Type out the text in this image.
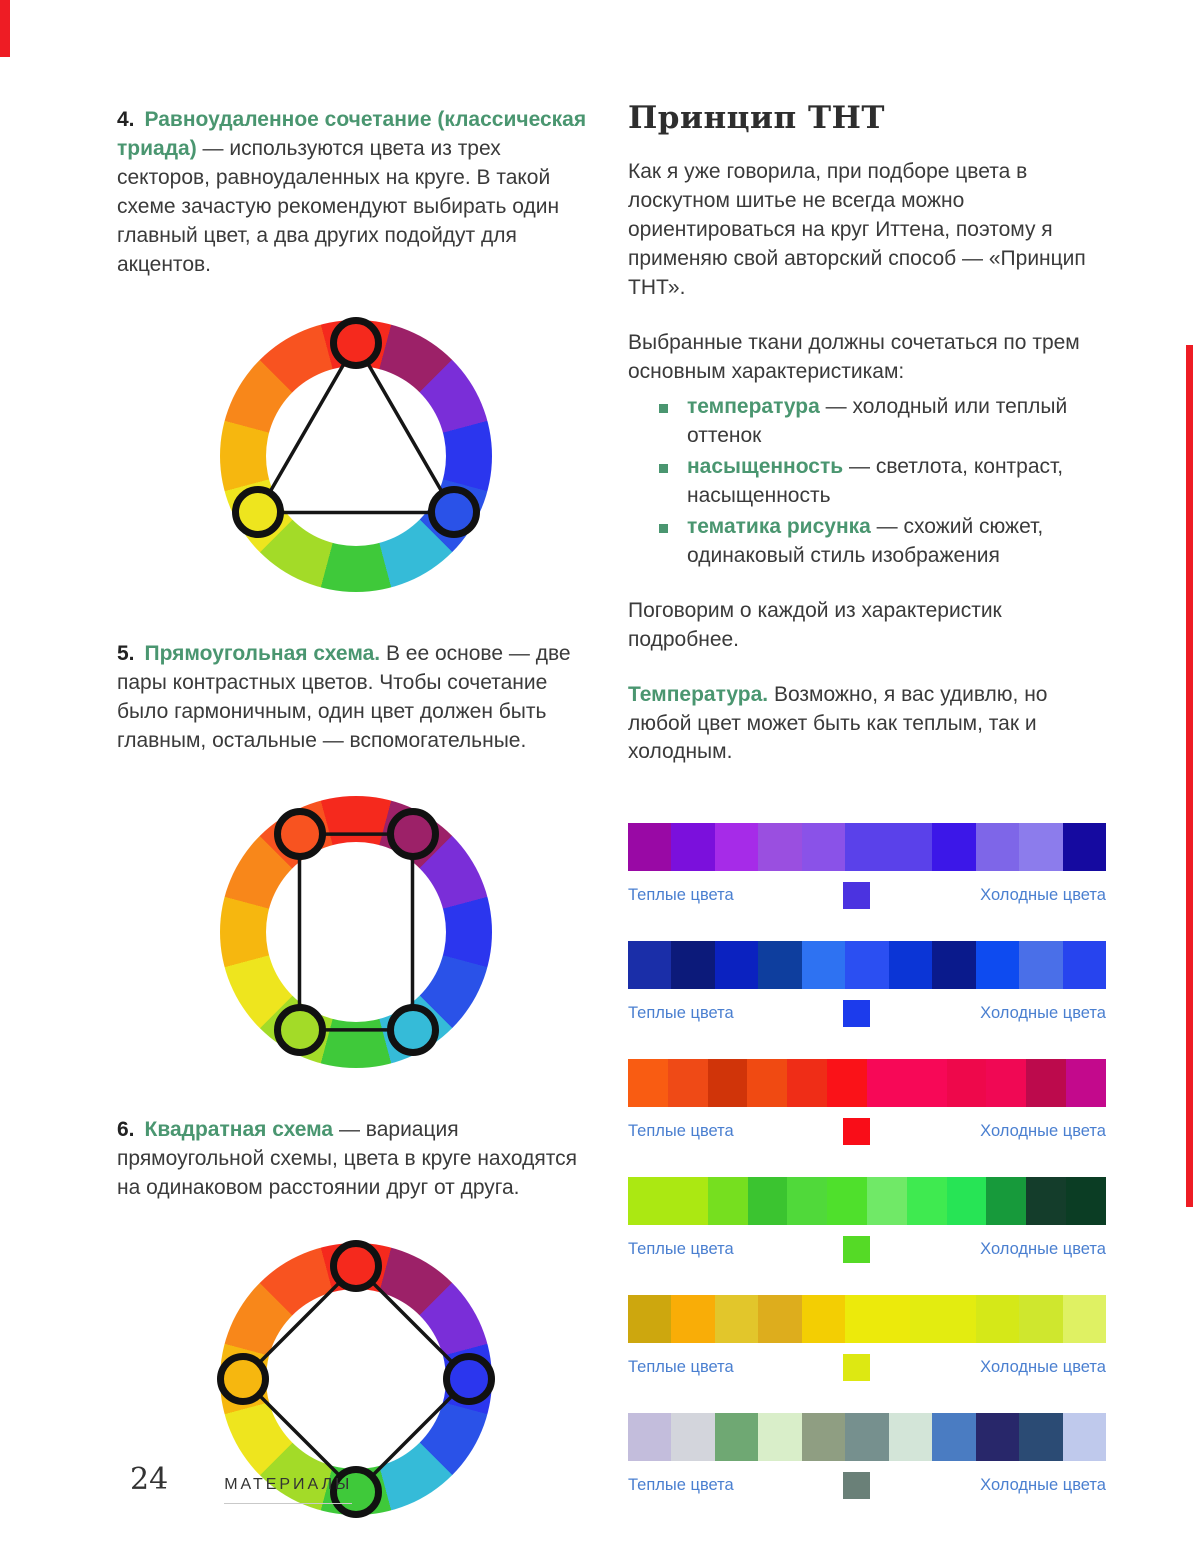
4. Равноудаленное сочетание (классическая триада) — используются цвета из трех секторов, равноудаленных на круге. В такой схеме зачастую рекомендуют выбирать один главный цвет, а два других подойдут для акцентов.

5. Прямоугольная схема. В ее основе — две пары контрастных цветов. Чтобы сочетание было гармоничным, один цвет должен быть главным, остальные — вспомогательные.

6. Квадратная схема — вариация прямоугольной схемы, цвета в круге находятся на одинаковом расстоянии друг от друга.

Принцип ТНТ

Как я уже говорила, при подборе цвета в лоскутном шитье не всегда можно ориентироваться на круг Иттена, поэтому я применяю свой авторский способ — «Принцип ТНТ».

Выбранные ткани должны сочетаться по трем основным характеристикам:

температура — холодный или теплый оттенок
насыщенность — светлота, контраст, насыщенность
тематика рисунка — схожий сюжет, одинаковый стиль изображения

Поговорим о каждой из характеристик подробнее.

Температура. Возможно, я вас удивлю, но любой цвет может быть как теплым, так и холодным.

Теплые цвета	Холодные цвета
Теплые цвета	Холодные цвета
Теплые цвета	Холодные цвета
Теплые цвета	Холодные цвета
Теплые цвета	Холодные цвета
Теплые цвета	Холодные цвета
24	МАТЕРИАЛЫ
